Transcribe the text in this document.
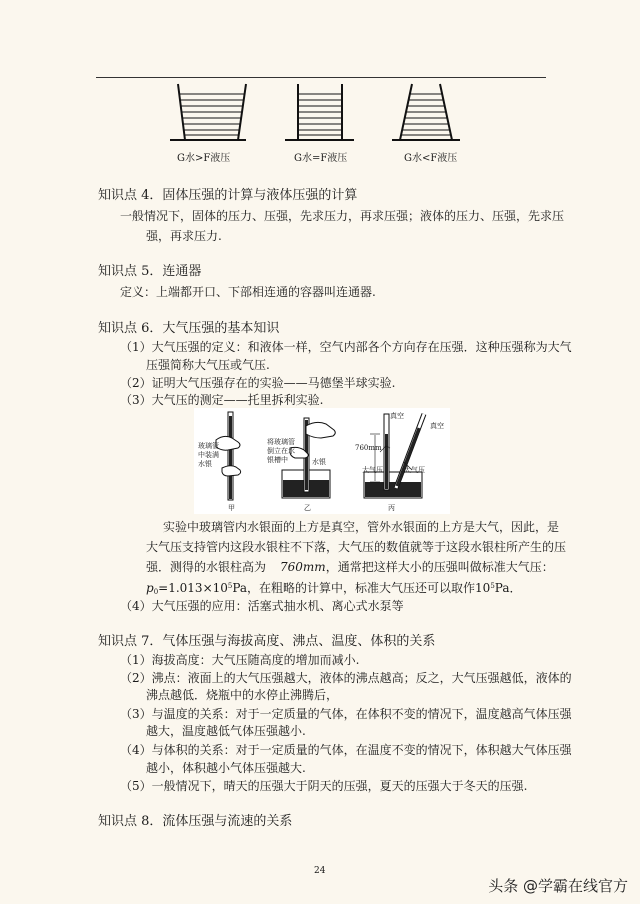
G水>F液压	G水=F液压	G水<F液压
知识点 4．固体压强的计算与液体压强的计算
一般情况下，固体的压力、压强，先求压力，再求压强；液体的压力、压强，先求压
强，再求压力.
知识点 5．连通器
定义：上端都开口、下部相连通的容器叫连通器.
知识点 6．大气压强的基本知识
（1）大气压强的定义：和液体一样，空气内部各个方向存在压强．这种压强称为大气
压强简称大气压或气压.
（2）证明大气压强存在的实验——马德堡半球实验.
（3）大气压的测定——托里拆利实验.
玻璃管中装满水银
将玻璃管倒立在水银槽中	水银
真空
真空
760mm
大气压	大气压
甲	乙	丙
实验中玻璃管内水银面的上方是真空，管外水银面的上方是大气，因此，是
大气压支持管内这段水银柱不下落，大气压的数值就等于这段水银柱所产生的压
强．测得的水银柱高为 760mm，通常把这样大小的压强叫做标准大气压：
$p_0=1.013\times 10^5Pa$，在粗略的计算中，标准大气压还可以取作$10^5Pa$．
（4）大气压强的应用：活塞式抽水机、离心式水泵等
知识点 7．气体压强与海拔高度、沸点、温度、体积的关系
（1）海拔高度：大气压随高度的增加而减小.
（2）沸点：液面上的大气压强越大，液体的沸点越高；反之，大气压强越低，液体的
沸点越低．烧瓶中的水停止沸腾后，
（3）与温度的关系：对于一定质量的气体，在体积不变的情况下，温度越高气体压强
越大，温度越低气体压强越小.
（4）与体积的关系：对于一定质量的气体，在温度不变的情况下，体积越大气体压强
越小，体积越小气体压强越大.
（5）一般情况下，晴天的压强大于阴天的压强，夏天的压强大于冬天的压强.
知识点 8．流体压强与流速的关系
24
头条 @学霸在线官方
